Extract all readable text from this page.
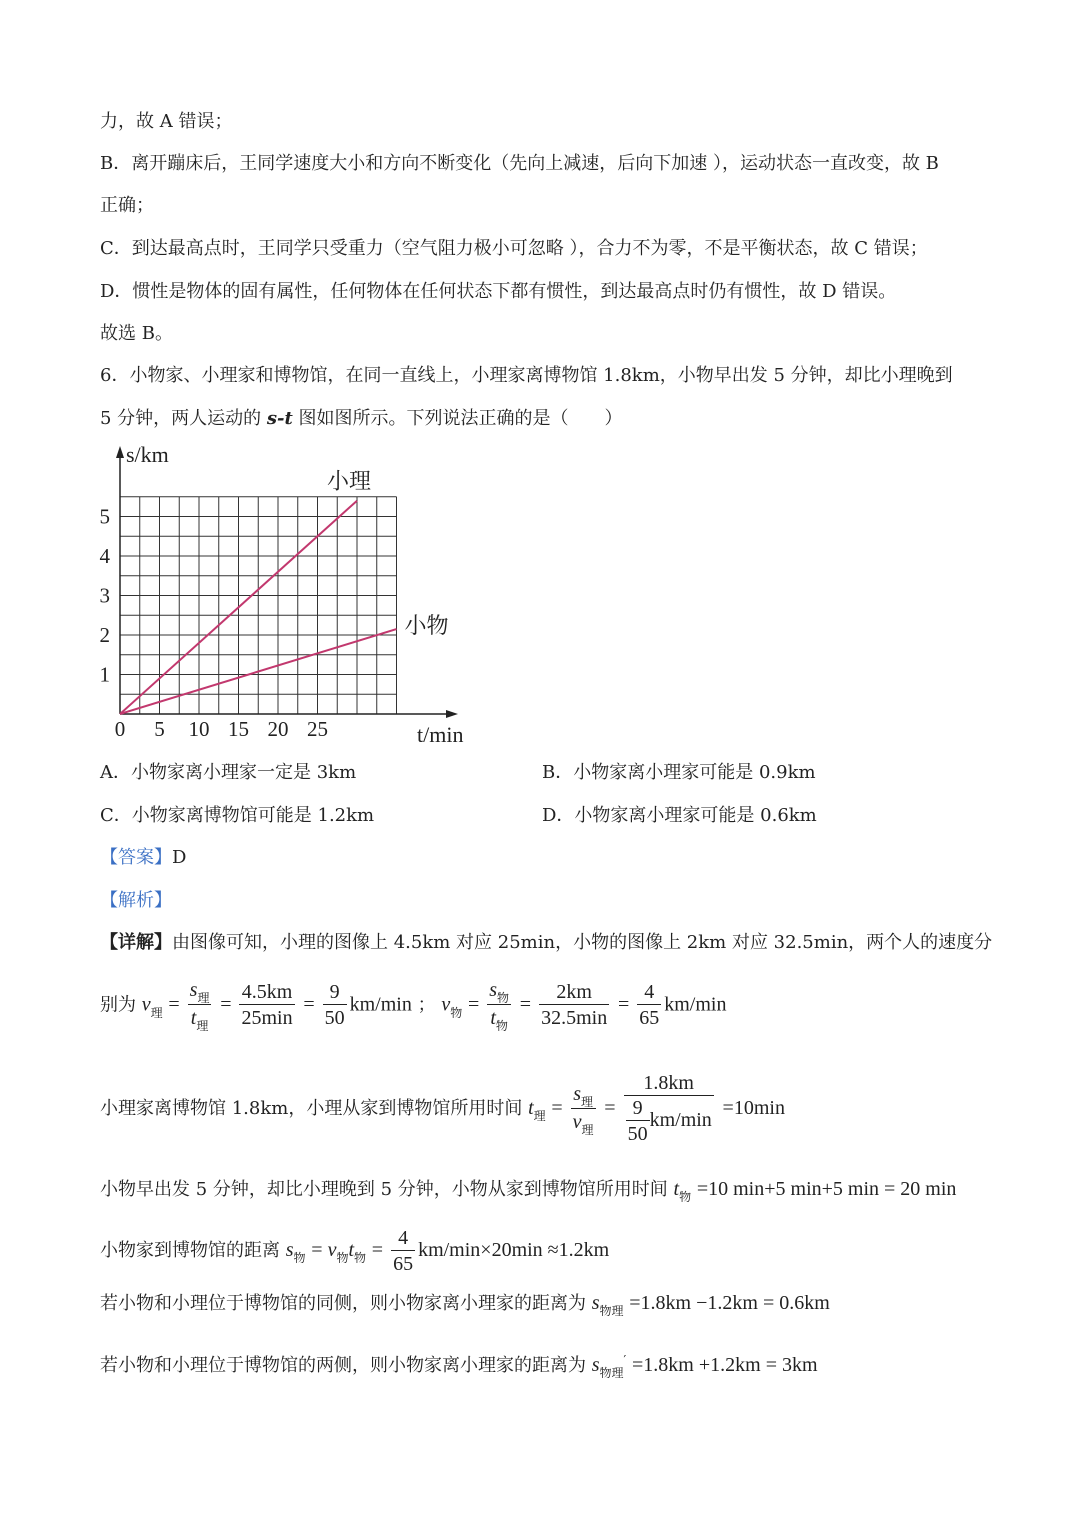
力，故 A 错误；
B．离开蹦床后，王同学速度大小和方向不断变化（先向上减速，后向下加速 ），运动状态一直改变，故 B
正确；
C．到达最高点时，王同学只受重力（空气阻力极小可忽略 ），合力不为零，不是平衡状态，故 C 错误；
D．惯性是物体的固有属性，任何物体在任何状态下都有惯性，到达最高点时仍有惯性，故 D 错误。
故选 B。
6．小物家、小理家和博物馆，在同一直线上，小理家离博物馆 1.8km，小物早出发 5 分钟，却比小理晚到
5 分钟，两人运动的 s-t 图如图所示。下列说法正确的是（　　）
s/km
t/min
0 5 10 15 20 25
1
2
3
4
5
小理
小物
A．小物家离小理家一定是 3km	B．小物家离小理家可能是 0.9km
C．小物家离博物馆可能是 1.2km	D．小物家离小理家可能是 0.6km
【答案】D
【解析】
【详解】由图像可知，小理的图像上 4.5km 对应 25min，小物的图像上 2km 对应 32.5min，两个人的速度分
别为 $v_理 = \frac{s_理}{t_理} = \frac{4.5km}{25\min} = \frac{9}{50} km/\min$ ； $v_物 = \frac{s_物}{t_物} = \frac{2km}{32.5\min} = \frac{4}{65} km/\min$
小理家离博物馆 1.8km，小理从家到博物馆所用时间 $t_理 = \frac{s_理}{v_理} = \frac{1.8km}{\frac{9}{50} km/\min} =10\min$
小物早出发 5 分钟，却比小理晚到 5 分钟，小物从家到博物馆所用时间 $t_物 =10$ min+5 min+5 min = 20 min
小物家到博物馆的距离 $s_物 = v_物t_物 = \frac{4}{65} km/\min\times 20\min \approx 1.2km$
若小物和小理位于博物馆的同侧，则小物家离小理家的距离为 $s_{物理} =1.8km -1.2km = 0.6km$
若小物和小理位于博物馆的两侧，则小物家离小理家的距离为 $s_{物理}' =1.8km +1.2km = 3km$
